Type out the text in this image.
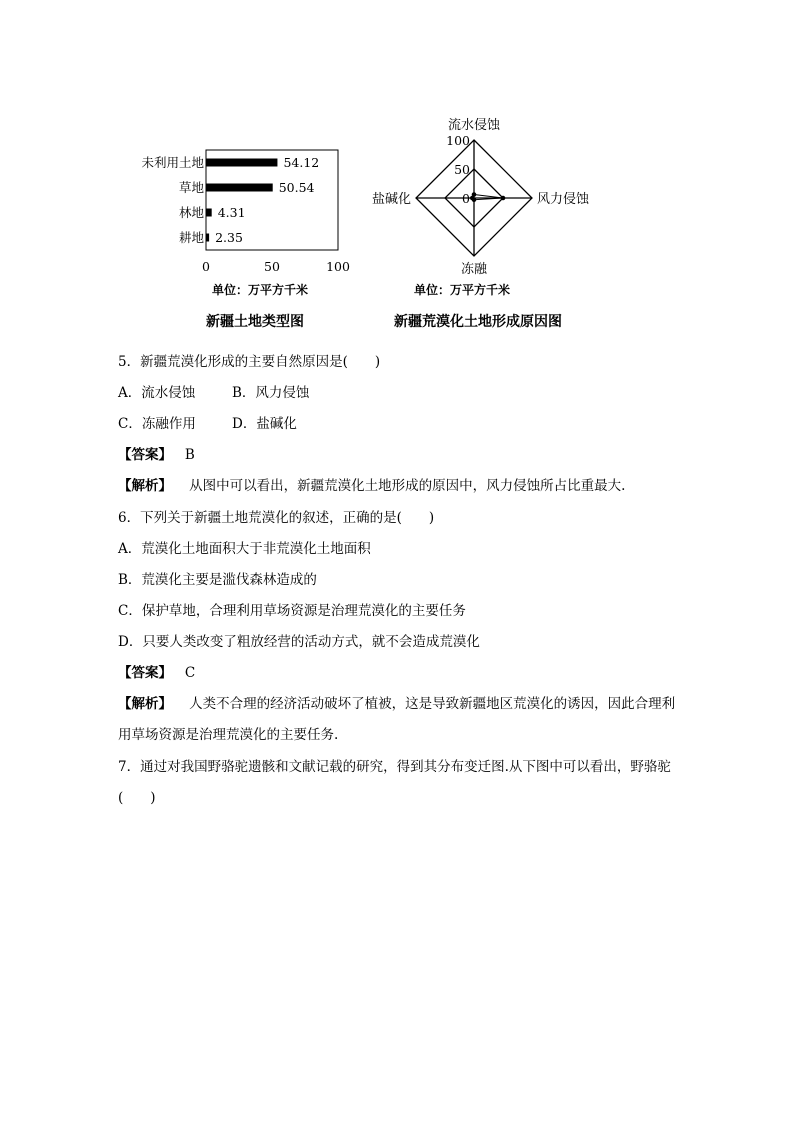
未利用土地	54.12
草地	50.54
林地 4.31
耕地 2.35
0	50	100
单位：万平方千米
新疆土地类型图
流水侵蚀
风力侵蚀
冻融
盐碱化	0
50
100
单位：万平方千米
新疆荒漠化土地形成原因图
5．新疆荒漠化形成的主要自然原因是(　　)
A．流水侵蚀	B．风力侵蚀
C．冻融作用	D．盐碱化
【答案】 B
【解析】 从图中可以看出，新疆荒漠化土地形成的原因中，风力侵蚀所占比重最大.
6．下列关于新疆土地荒漠化的叙述，正确的是(　　)
A．荒漠化土地面积大于非荒漠化土地面积
B．荒漠化主要是滥伐森林造成的
C．保护草地，合理利用草场资源是治理荒漠化的主要任务
D．只要人类改变了粗放经营的活动方式，就不会造成荒漠化
【答案】 C
【解析】 人类不合理的经济活动破坏了植被，这是导致新疆地区荒漠化的诱因，因此合理利用草场资源是治理荒漠化的主要任务.
7．通过对我国野骆驼遗骸和文献记载的研究，得到其分布变迁图.从下图中可以看出，野骆驼(　　)
